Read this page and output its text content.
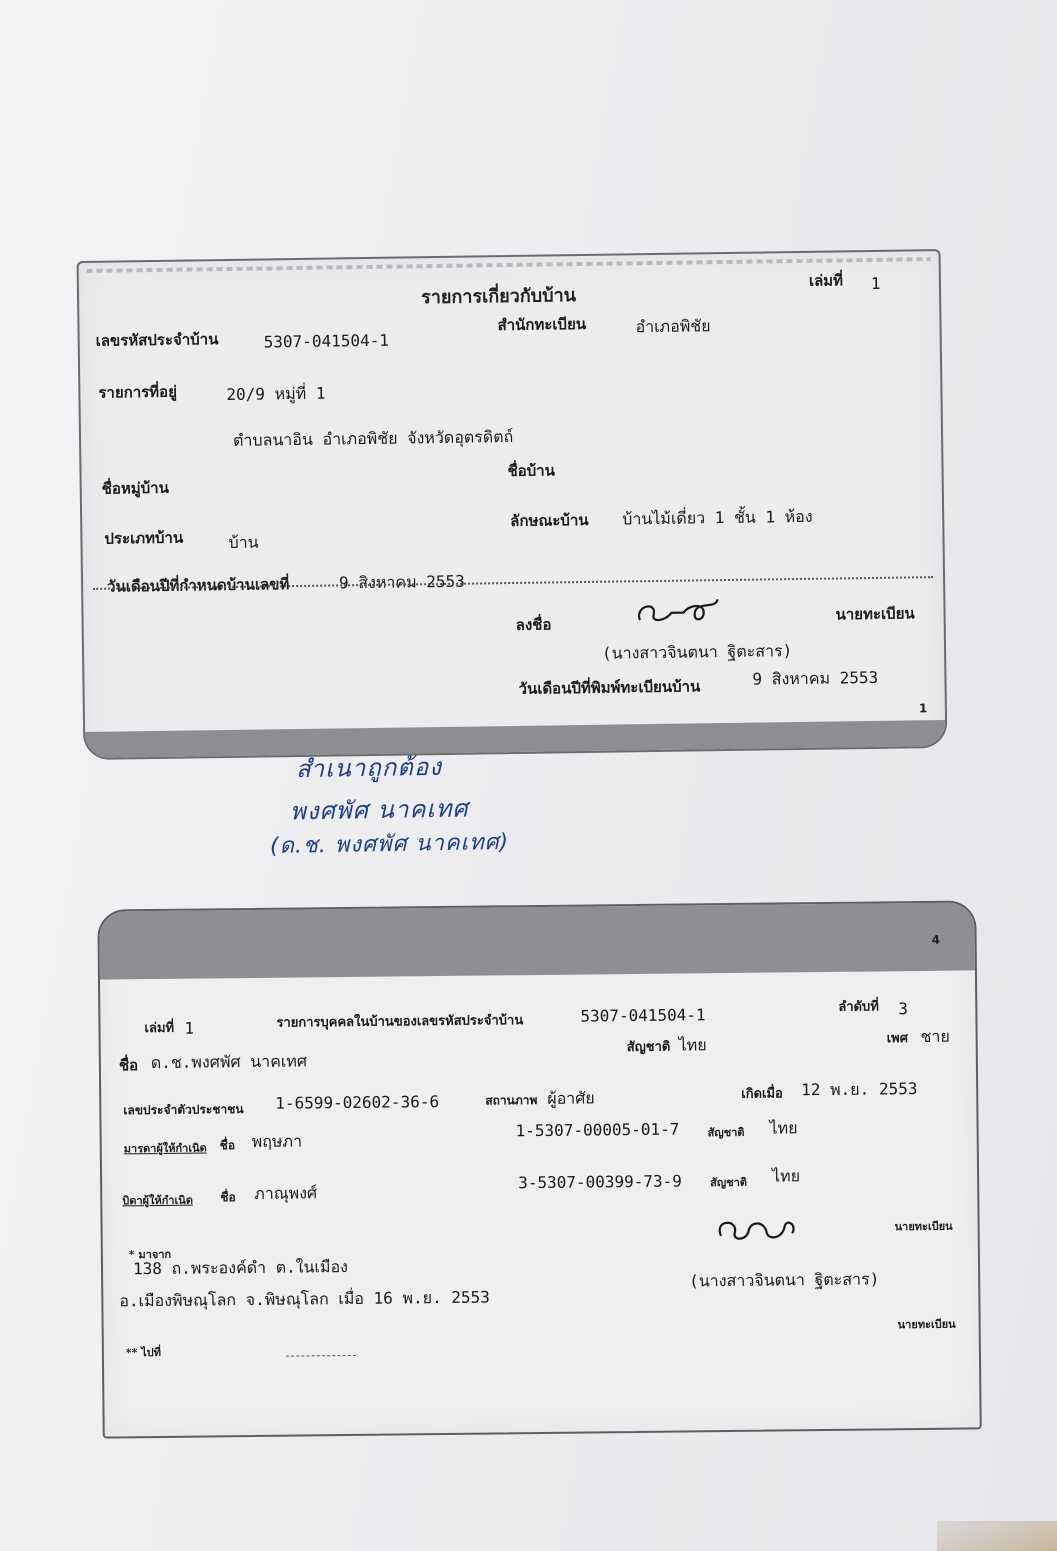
รายการเกี่ยวกับบ้าน
เล่มที่ 1
เลขรหัสประจำบ้าน	5307-041504-1
สำนักทะเบียน	อำเภอพิชัย
รายการที่อยู่	20/9 หมู่ที่ 1
ตำบลนาอิน อำเภอพิชัย จังหวัดอุตรดิตถ์
ชื่อหมู่บ้าน
ชื่อบ้าน
ประเภทบ้าน	บ้าน
ลักษณะบ้าน บ้านไม้เดี่ยว 1 ชั้น 1 ห้อง
วันเดือนปีที่กำหนดบ้านเลขที่	9 สิงหาคม 2553
ลงชื่อ
นายทะเบียน
(นางสาวจินตนา ฐิตะสาร)
วันเดือนปีที่พิมพ์ทะเบียนบ้าน	9 สิงหาคม 2553
1
สำเนาถูกต้อง
พงศพัศ นาคเทศ
(ด.ช. พงศพัศ นาคเทศ)
4
เล่มที่ 1	รายการบุคคลในบ้านของเลขรหัสประจำบ้าน	5307-041504-1	ลำดับที่ 3
ชื่อ ด.ช.พงศพัศ นาคเทศ
สัญชาติ ไทย	เพศ ชาย
เลขประจำตัวประชาชน 1-6599-02602-36-6	สถานภาพ ผู้อาศัย	เกิดเมื่อ 12 พ.ย. 2553
มารดาผู้ให้กำเนิด ชื่อ พฤษภา
1-5307-00005-01-7	สัญชาติ ไทย
บิดาผู้ให้กำเนิด ชื่อ ภาณุพงศ์
3-5307-00399-73-9	สัญชาติ ไทย
* มาจาก
นายทะเบียน
138 ถ.พระองค์ดำ ต.ในเมือง
อ.เมืองพิษณุโลก จ.พิษณุโลก เมื่อ 16 พ.ย. 2553
(นางสาวจินตนา ฐิตะสาร)
** ไปที่
นายทะเบียน
